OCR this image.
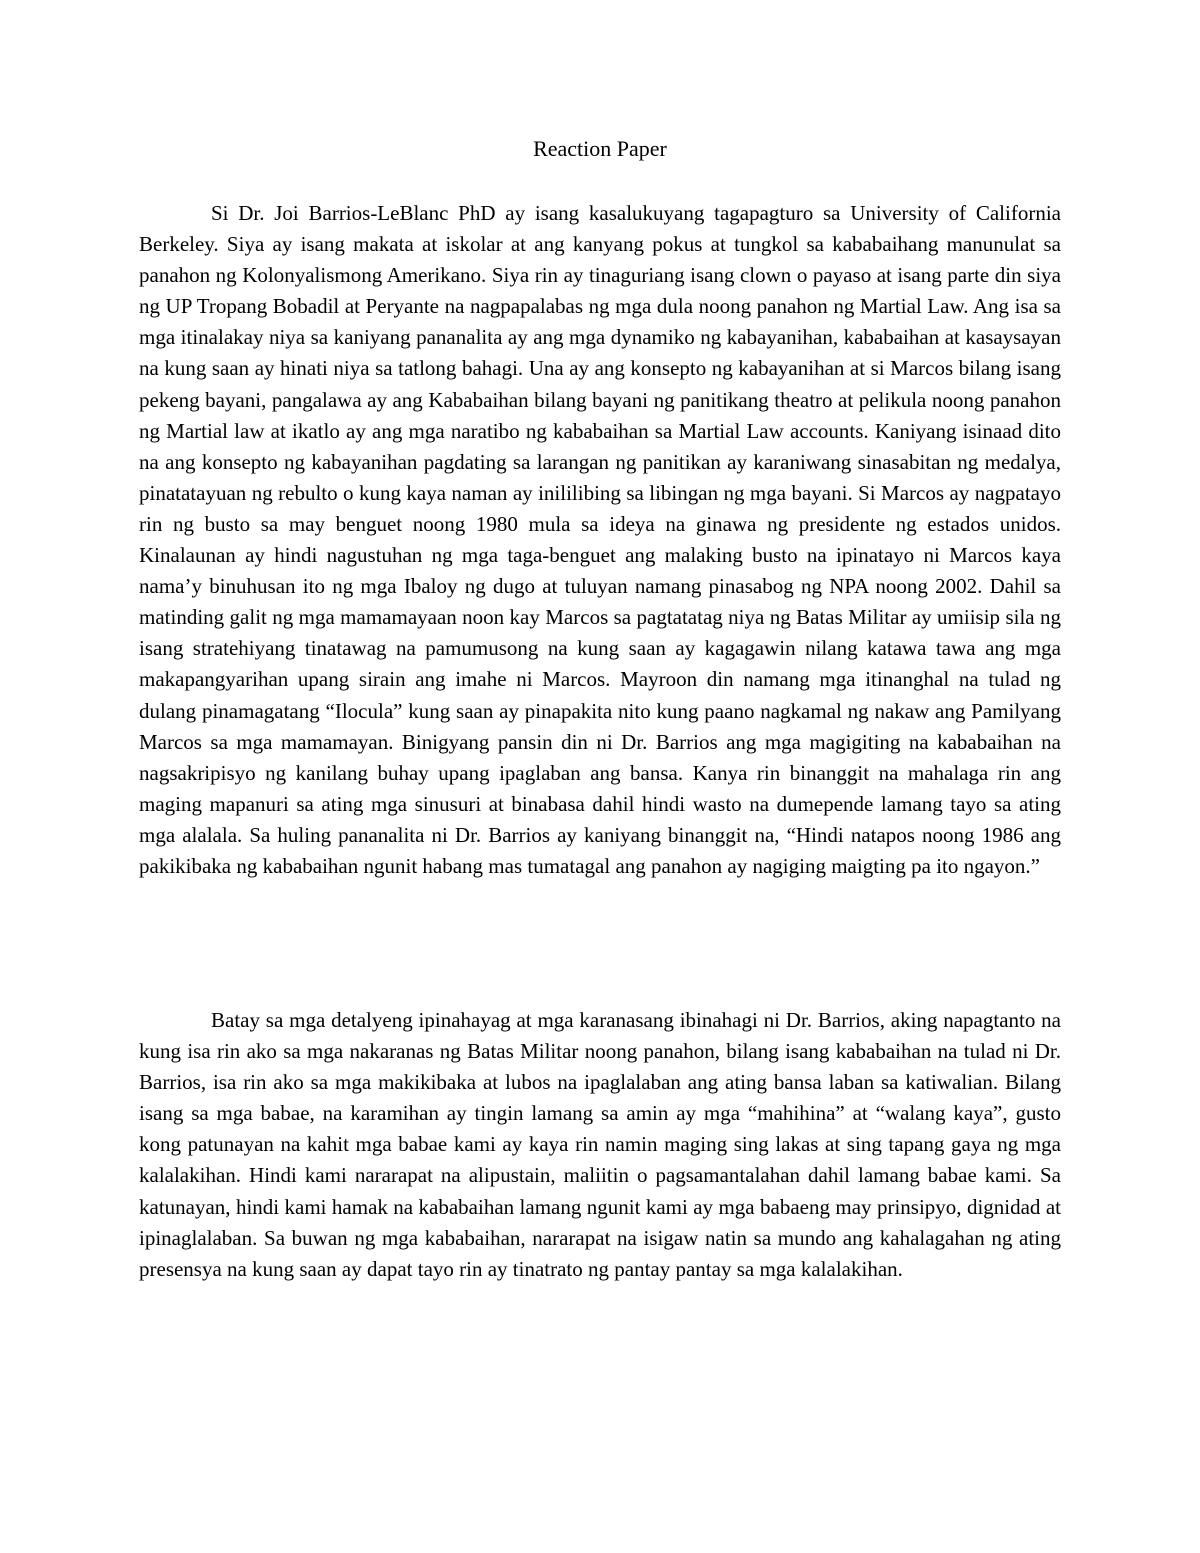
Reaction Paper

Si Dr. Joi Barrios-LeBlanc PhD ay isang kasalukuyang tagapagturo sa University of California Berkeley. Siya ay isang makata at iskolar at ang kanyang pokus at tungkol sa kababaihang manunulat sa panahon ng Kolonyalismong Amerikano. Siya rin ay tinaguriang isang clown o payaso at isang parte din siya ng UP Tropang Bobadil at Peryante na nagpapalabas ng mga dula noong panahon ng Martial Law. Ang isa sa mga itinalakay niya sa kaniyang pananalita ay ang mga dynamiko ng kabayanihan, kababaihan at kasaysayan na kung saan ay hinati niya sa tatlong bahagi. Una ay ang konsepto ng kabayanihan at si Marcos bilang isang pekeng bayani, pangalawa ay ang Kababaihan bilang bayani ng panitikang theatro at pelikula noong panahon ng Martial law at ikatlo ay ang mga naratibo ng kababaihan sa Martial Law accounts. Kaniyang isinaad dito na ang konsepto ng kabayanihan pagdating sa larangan ng panitikan ay karaniwang sinasabitan ng medalya, pinatatayuan ng rebulto o kung kaya naman ay inililibing sa libingan ng mga bayani. Si Marcos ay nagpatayo rin ng busto sa may benguet noong 1980 mula sa ideya na ginawa ng presidente ng estados unidos. Kinalaunan ay hindi nagustuhan ng mga taga-benguet ang malaking busto na ipinatayo ni Marcos kaya nama’y binuhusan ito ng mga Ibaloy ng dugo at tuluyan namang pinasabog ng NPA noong 2002. Dahil sa matinding galit ng mga mamamayaan noon kay Marcos sa pagtatatag niya ng Batas Militar ay umiisip sila ng isang stratehiyang tinatawag na pamumusong na kung saan ay kagagawin nilang katawa tawa ang mga makapangyarihan upang sirain ang imahe ni Marcos. Mayroon din namang mga itinanghal na tulad ng dulang pinamagatang “Ilocula” kung saan ay pinapakita nito kung paano nagkamal ng nakaw ang Pamilyang Marcos sa mga mamamayan. Binigyang pansin din ni Dr. Barrios ang mga magigiting na kababaihan na nagsakripisyo ng kanilang buhay upang ipaglaban ang bansa. Kanya rin binanggit na mahalaga rin ang maging mapanuri sa ating mga sinusuri at binabasa dahil hindi wasto na dumepende lamang tayo sa ating mga alalala. Sa huling pananalita ni Dr. Barrios ay kaniyang binanggit na, “Hindi natapos noong 1986 ang pakikibaka ng kababaihan ngunit habang mas tumatagal ang panahon ay nagiging maigting pa ito ngayon.”

Batay sa mga detalyeng ipinahayag at mga karanasang ibinahagi ni Dr. Barrios, aking napagtanto na kung isa rin ako sa mga nakaranas ng Batas Militar noong panahon, bilang isang kababaihan na tulad ni Dr. Barrios, isa rin ako sa mga makikibaka at lubos na ipaglalaban ang ating bansa laban sa katiwalian. Bilang isang sa mga babae, na karamihan ay tingin lamang sa amin ay mga “mahihina” at “walang kaya”, gusto kong patunayan na kahit mga babae kami ay kaya rin namin maging sing lakas at sing tapang gaya ng mga kalalakihan. Hindi kami nararapat na alipustain, maliitin o pagsamantalahan dahil lamang babae kami. Sa katunayan, hindi kami hamak na kababaihan lamang ngunit kami ay mga babaeng may prinsipyo, dignidad at ipinaglalaban. Sa buwan ng mga kababaihan, nararapat na isigaw natin sa mundo ang kahalagahan ng ating presensya na kung saan ay dapat tayo rin ay tinatrato ng pantay pantay sa mga kalalakihan.
